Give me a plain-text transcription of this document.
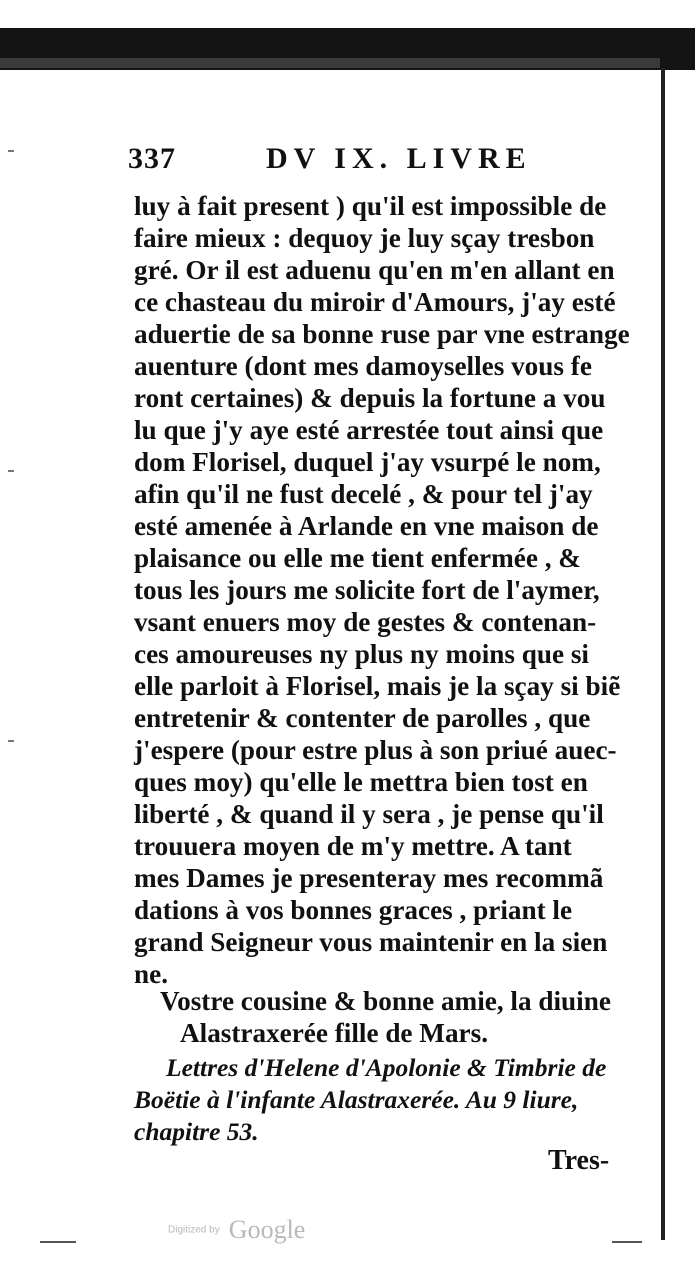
337	DV IX. LIVRE
luy à fait present ) qu'il est impossible de
faire mieux : dequoy je luy sçay tresbon
gré. Or il est aduenu qu'en m'en allant en
ce chasteau du miroir d'Amours, j'ay esté
aduertie de sa bonne ruse par vne estrange
auenture (dont mes damoyselles vous fe
ront certaines) & depuis la fortune a vou
lu que j'y aye esté arrestée tout ainsi que
dom Florisel, duquel j'ay vsurpé le nom,
afin qu'il ne fust decelé , & pour tel j'ay
esté amenée à Arlande en vne maison de
plaisance ou elle me tient enfermée , &
tous les jours me solicite fort de l'aymer,
vsant enuers moy de gestes & contenan-
ces amoureuses ny plus ny moins que si
elle parloit à Florisel, mais je la sçay si biẽ
entretenir & contenter de parolles , que
j'espere (pour estre plus à son priué auec-
ques moy) qu'elle le mettra bien tost en
liberté , & quand il y sera , je pense qu'il
trouuera moyen de m'y mettre. A tant
mes Dames je presenteray mes recommã
dations à vos bonnes graces , priant le
grand Seigneur vous maintenir en la sien
ne.
Vostre cousine & bonne amie, la diuine
Alastraxerée fille de Mars.
Lettres d'Helene d'Apolonie & Timbrie de
Boëtie à l'infante Alastraxerée. Au 9 liure,
chapitre 53.
Tres-
Digitized by Google
